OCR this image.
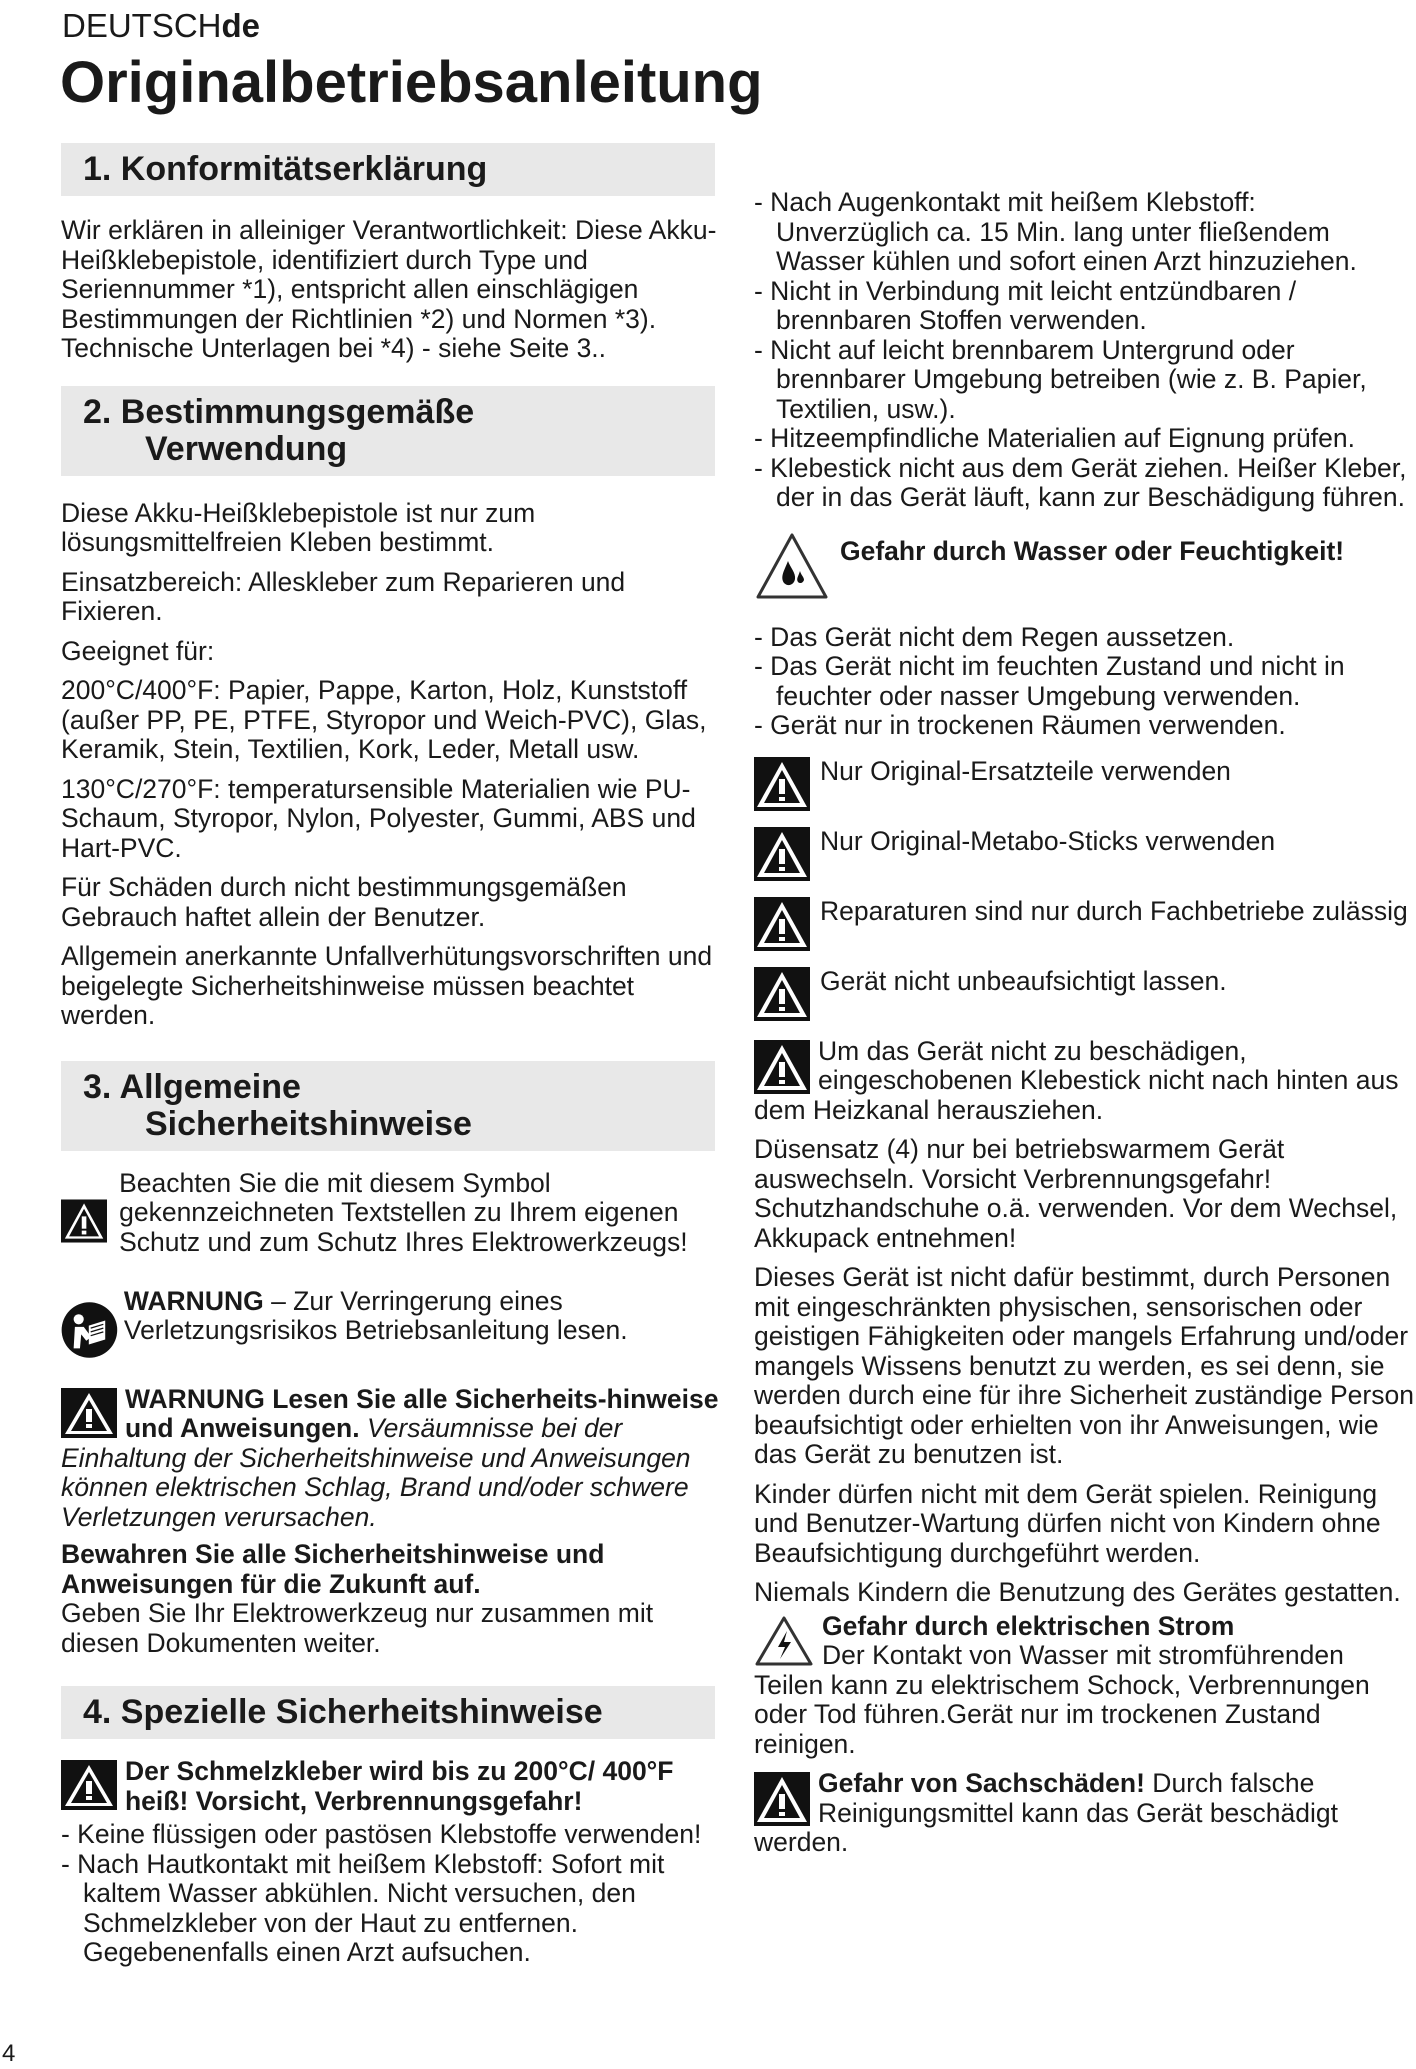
DEUTSCHde
Originalbetriebsanleitung
1. Konformitätserklärung

Wir erklären in alleiniger Verantwortlichkeit: Diese Akku-Heißklebepistole, identifiziert durch Type und Seriennummer *1), entspricht allen einschlägigen Bestimmungen der Richtlinien *2) und Normen *3). Technische Unterlagen bei *4) - siehe Seite 3..

2. Bestimmungsgemäße
Verwendung

Diese Akku-Heißklebepistole ist nur zum lösungsmittelfreien Kleben bestimmt.

Einsatzbereich: Alleskleber zum Reparieren und Fixieren.

Geeignet für:

200°C/400°F: Papier, Pappe, Karton, Holz, Kunststoff (außer PP, PE, PTFE, Styropor und Weich-PVC), Glas, Keramik, Stein, Textilien, Kork, Leder, Metall usw.

130°C/270°F: temperatursensible Materialien wie PU-Schaum, Styropor, Nylon, Polyester, Gummi, ABS und Hart-PVC.

Für Schäden durch nicht bestimmungsgemäßen Gebrauch haftet allein der Benutzer.

Allgemein anerkannte Unfallverhütungsvorschriften und beigelegte Sicherheitshinweise müssen beachtet werden.

3. Allgemeine
Sicherheitshinweise

Beachten Sie die mit diesem Symbol gekennzeichneten Textstellen zu Ihrem eigenen Schutz und zum Schutz Ihres Elektrowerkzeugs!

WARNUNG – Zur Verringerung eines Verletzungsrisikos Betriebsanleitung lesen.

WARNUNG Lesen Sie alle Sicherheits-hinweise und Anweisungen. Versäumnisse bei der Einhaltung der Sicherheitshinweise und Anweisungen können elektrischen Schlag, Brand und/oder schwere Verletzungen verursachen.

Bewahren Sie alle Sicherheitshinweise und Anweisungen für die Zukunft auf.

Geben Sie Ihr Elektrowerkzeug nur zusammen mit diesen Dokumenten weiter.

4. Spezielle Sicherheitshinweise

Der Schmelzkleber wird bis zu 200°C/ 400°F heiß! Vorsicht, Verbrennungsgefahr!

- Keine flüssigen oder pastösen Klebstoffe verwenden!
- Nach Hautkontakt mit heißem Klebstoff: Sofort mit kaltem Wasser abkühlen. Nicht versuchen, den Schmelzkleber von der Haut zu entfernen. Gegebenenfalls einen Arzt aufsuchen.
- Nach Augenkontakt mit heißem Klebstoff: Unverzüglich ca. 15 Min. lang unter fließendem Wasser kühlen und sofort einen Arzt hinzuziehen.
- Nicht in Verbindung mit leicht entzündbaren / brennbaren Stoffen verwenden.
- Nicht auf leicht brennbarem Untergrund oder brennbarer Umgebung betreiben (wie z. B. Papier, Textilien, usw.).
- Hitzeempfindliche Materialien auf Eignung prüfen.
- Klebestick nicht aus dem Gerät ziehen. Heißer Kleber, der in das Gerät läuft, kann zur Beschädigung führen.

Gefahr durch Wasser oder Feuchtigkeit!

- Das Gerät nicht dem Regen aussetzen.
- Das Gerät nicht im feuchten Zustand und nicht in feuchter oder nasser Umgebung verwenden.
- Gerät nur in trockenen Räumen verwenden.
Nur Original-Ersatzteile verwenden
Nur Original-Metabo-Sticks verwenden
Reparaturen sind nur durch Fachbetriebe zulässig
Gerät nicht unbeaufsichtigt lassen.

Um das Gerät nicht zu beschädigen, eingeschobenen Klebestick nicht nach hinten aus dem Heizkanal herausziehen.

Düsensatz (4) nur bei betriebswarmem Gerät auswechseln. Vorsicht Verbrennungsgefahr! Schutzhandschuhe o.ä. verwenden. Vor dem Wechsel, Akkupack entnehmen!

Dieses Gerät ist nicht dafür bestimmt, durch Personen mit eingeschränkten physischen, sensorischen oder geistigen Fähigkeiten oder mangels Erfahrung und/oder mangels Wissens benutzt zu werden, es sei denn, sie werden durch eine für ihre Sicherheit zuständige Person beaufsichtigt oder erhielten von ihr Anweisungen, wie das Gerät zu benutzen ist.

Kinder dürfen nicht mit dem Gerät spielen. Reinigung und Benutzer-Wartung dürfen nicht von Kindern ohne Beaufsichtigung durchgeführt werden.

Niemals Kindern die Benutzung des Gerätes gestatten.

Gefahr durch elektrischen Strom
Der Kontakt von Wasser mit stromführenden Teilen kann zu elektrischem Schock, Verbrennungen oder Tod führen.Gerät nur im trockenen Zustand reinigen.

Gefahr von Sachschäden! Durch falsche Reinigungsmittel kann das Gerät beschädigt werden.

4
